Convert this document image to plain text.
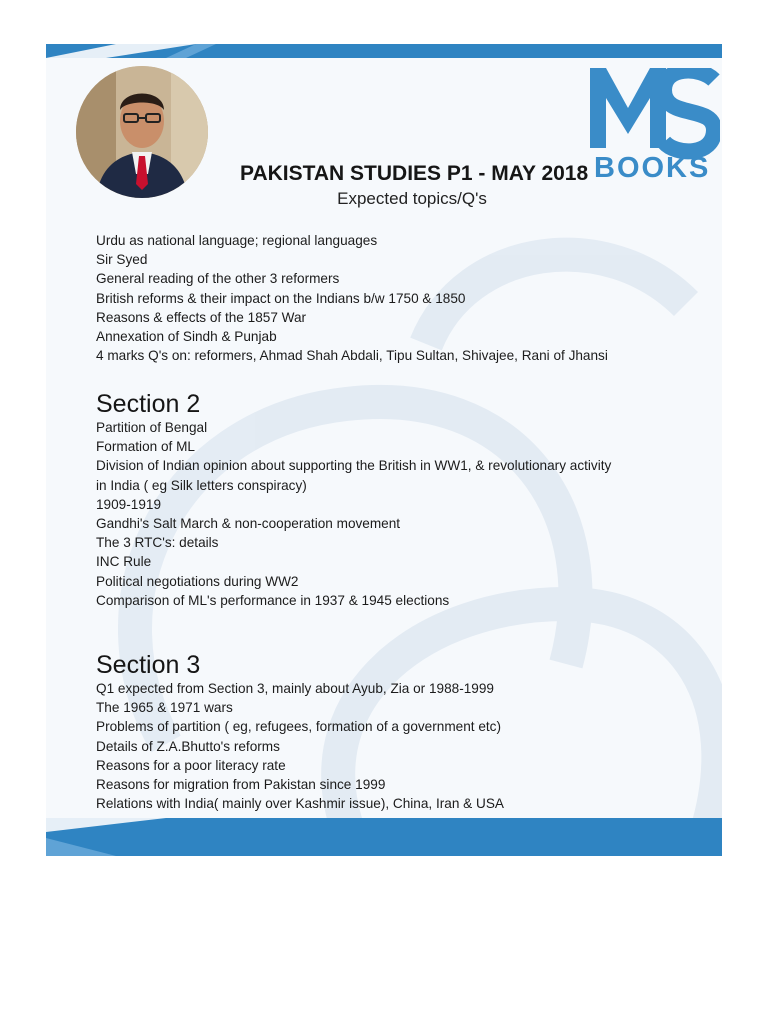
BOOKS
PAKISTAN STUDIES P1 - MAY 2018
Expected topics/Q's
Urdu as national language; regional languages
Sir Syed
General reading of the other 3 reformers
British reforms & their impact on the Indians b/w 1750 & 1850
Reasons & effects of the 1857 War
Annexation of Sindh & Punjab
4 marks Q's on: reformers, Ahmad Shah Abdali, Tipu Sultan, Shivajee, Rani of Jhansi
Section 2
Partition of Bengal
Formation of ML
Division of Indian opinion about supporting the British in WW1, & revolutionary activity
in India ( eg Silk letters conspiracy)
1909-1919
Gandhi's Salt March & non-cooperation movement
The 3 RTC's: details
INC Rule
Political negotiations during WW2
Comparison of ML's performance in 1937 & 1945 elections
Section 3
Q1 expected from Section 3, mainly about Ayub, Zia or 1988-1999
The 1965 & 1971 wars
Problems of partition ( eg, refugees, formation of a government etc)
Details of Z.A.Bhutto's reforms
Reasons for a poor literacy rate
Reasons for migration from Pakistan since 1999
Relations with India( mainly over Kashmir issue), China, Iran & USA
